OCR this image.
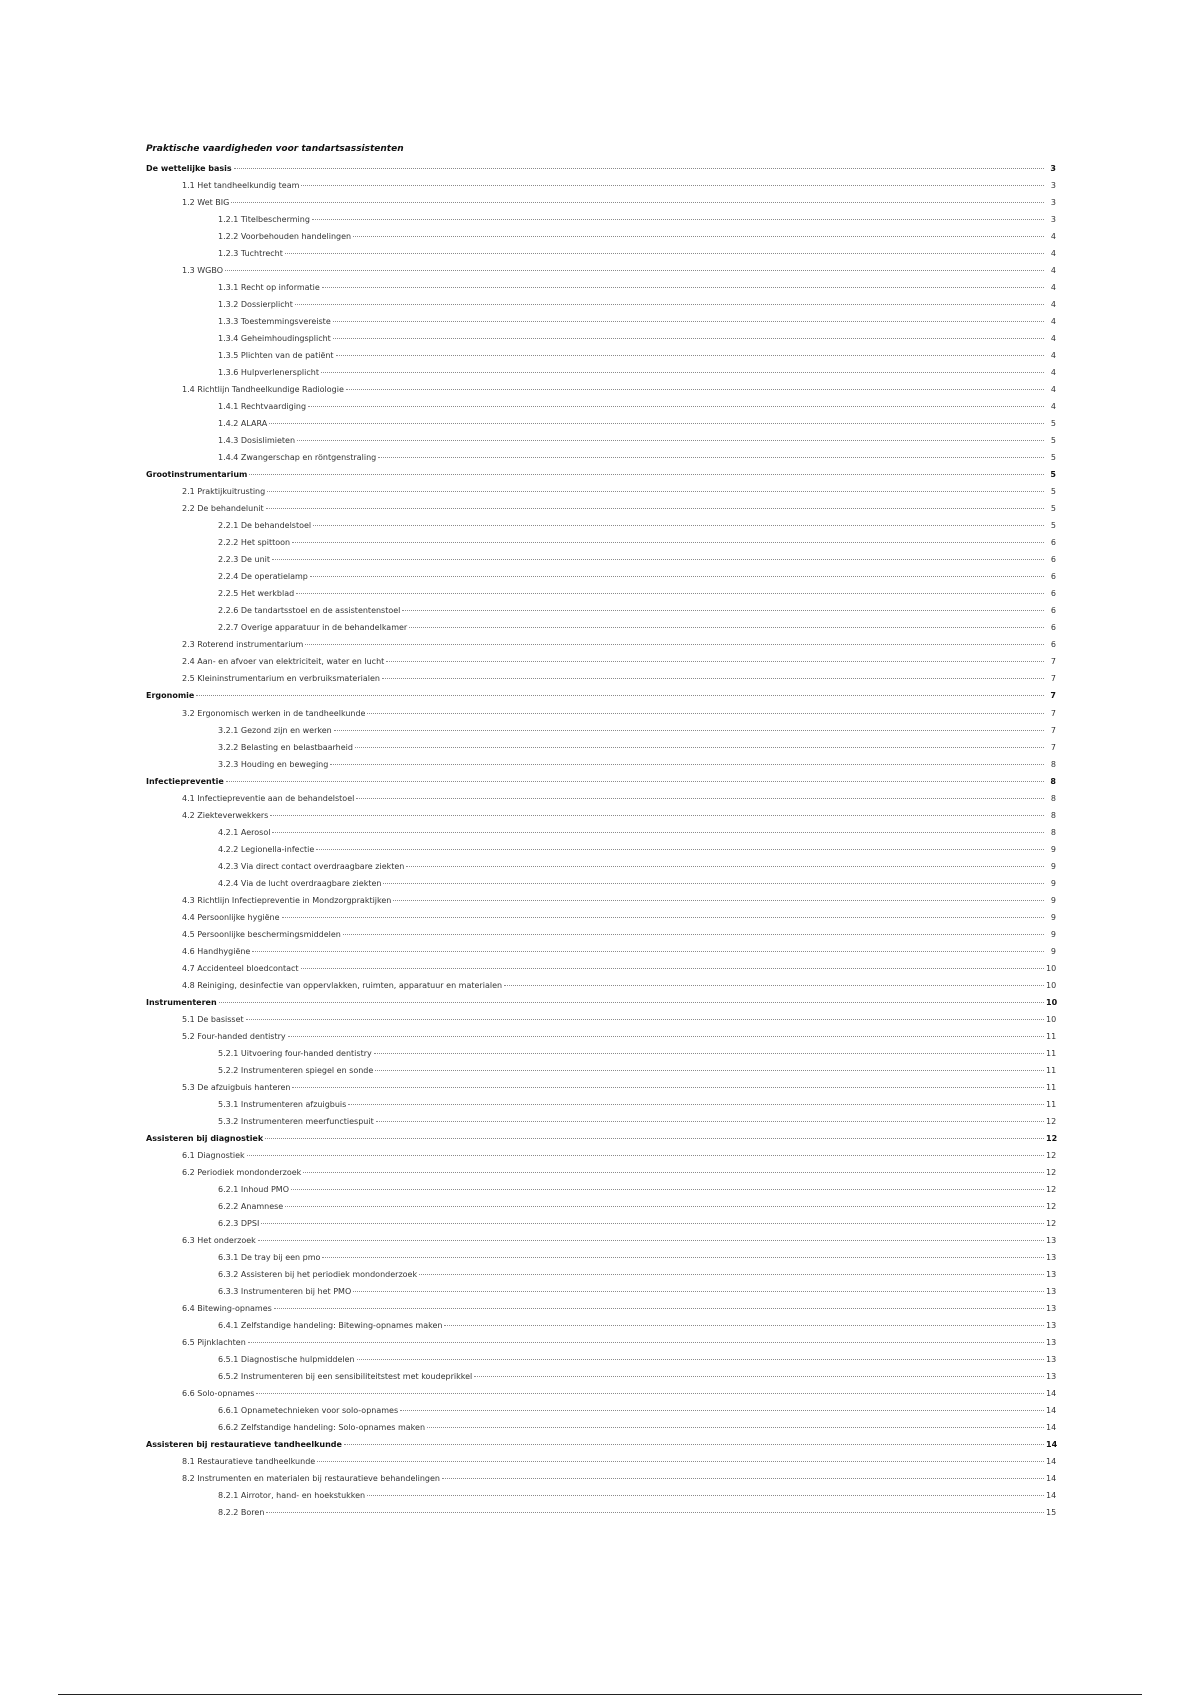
Praktische vaardigheden voor tandartsassistenten
De wettelijke basis	3
1.1 Het tandheelkundig team	3
1.2 Wet BIG	3
1.2.1 Titelbescherming	3
1.2.2 Voorbehouden handelingen	4
1.2.3 Tuchtrecht	4
1.3 WGBO	4
1.3.1 Recht op informatie	4
1.3.2 Dossierplicht	4
1.3.3 Toestemmingsvereiste	4
1.3.4 Geheimhoudingsplicht	4
1.3.5 Plichten van de patiënt	4
1.3.6 Hulpverlenersplicht	4
1.4 Richtlijn Tandheelkundige Radiologie	4
1.4.1 Rechtvaardiging	4
1.4.2 ALARA	5
1.4.3 Dosislimieten	5
1.4.4 Zwangerschap en röntgenstraling	5
Grootinstrumentarium	5
2.1 Praktijkuitrusting	5
2.2 De behandelunit	5
2.2.1 De behandelstoel	5
2.2.2 Het spittoon	6
2.2.3 De unit	6
2.2.4 De operatielamp	6
2.2.5 Het werkblad	6
2.2.6 De tandartsstoel en de assistentenstoel	6
2.2.7 Overige apparatuur in de behandelkamer	6
2.3 Roterend instrumentarium	6
2.4 Aan- en afvoer van elektriciteit, water en lucht	7
2.5 Kleininstrumentarium en verbruiksmaterialen	7
Ergonomie	7
3.2 Ergonomisch werken in de tandheelkunde	7
3.2.1 Gezond zijn en werken	7
3.2.2 Belasting en belastbaarheid	7
3.2.3 Houding en beweging	8
Infectiepreventie	8
4.1 Infectiepreventie aan de behandelstoel	8
4.2 Ziekteverwekkers	8
4.2.1 Aerosol	8
4.2.2 Legionella-infectie	9
4.2.3 Via direct contact overdraagbare ziekten	9
4.2.4 Via de lucht overdraagbare ziekten	9
4.3 Richtlijn Infectiepreventie in Mondzorgpraktijken	9
4.4 Persoonlijke hygiëne	9
4.5 Persoonlijke beschermingsmiddelen	9
4.6 Handhygiëne	9
4.7 Accidenteel bloedcontact	10
4.8 Reiniging, desinfectie van oppervlakken, ruimten, apparatuur en materialen	10
Instrumenteren	10
5.1 De basisset	10
5.2 Four-handed dentistry	11
5.2.1 Uitvoering four-handed dentistry	11
5.2.2 Instrumenteren spiegel en sonde	11
5.3 De afzuigbuis hanteren	11
5.3.1 Instrumenteren afzuigbuis	11
5.3.2 Instrumenteren meerfunctiespuit	12
Assisteren bij diagnostiek	12
6.1 Diagnostiek	12
6.2 Periodiek mondonderzoek	12
6.2.1 Inhoud PMO	12
6.2.2 Anamnese	12
6.2.3 DPSI	12
6.3 Het onderzoek	13
6.3.1 De tray bij een pmo	13
6.3.2 Assisteren bij het periodiek mondonderzoek	13
6.3.3 Instrumenteren bij het PMO	13
6.4 Bitewing-opnames	13
6.4.1 Zelfstandige handeling: Bitewing-opnames maken	13
6.5 Pijnklachten	13
6.5.1 Diagnostische hulpmiddelen	13
6.5.2 Instrumenteren bij een sensibiliteitstest met koudeprikkel	13
6.6 Solo-opnames	14
6.6.1 Opnametechnieken voor solo-opnames	14
6.6.2 Zelfstandige handeling: Solo-opnames maken	14
Assisteren bij restauratieve tandheelkunde	14
8.1 Restauratieve tandheelkunde	14
8.2 Instrumenten en materialen bij restauratieve behandelingen	14
8.2.1 Airrotor, hand- en hoekstukken	14
8.2.2 Boren	15
